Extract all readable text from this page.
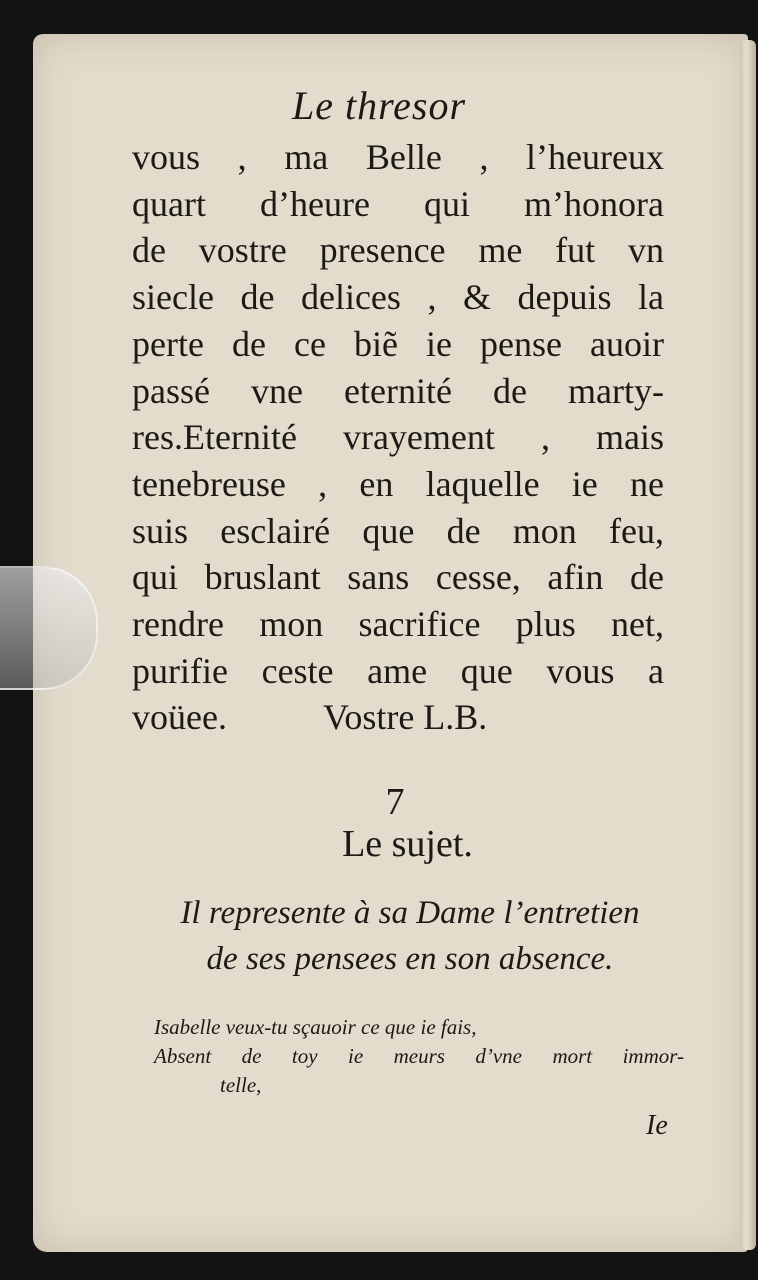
Le thresor
vous , ma Belle , l’heureux
quart d’heure qui m’honora
de vostre presence me fut vn
siecle de delices , & depuis la
perte de ce biẽ ie pense auoir
passé vne eternité de marty-
res.Eternité vrayement , mais
tenebreuse , en laquelle ie ne
suis esclairé que de mon feu,
qui bruslant sans cesse, afin de
rendre mon sacrifice plus net,
purifie ceste ame que vous a
voüee.	Vostre L.B.
7
Le sujet.
Il represente à sa Dame l’entretien
de ses pensees en son absence.
Isabelle veux-tu sçauoir ce que ie fais,
Absent de toy ie meurs d’vne mort immor-
telle,
Ie
